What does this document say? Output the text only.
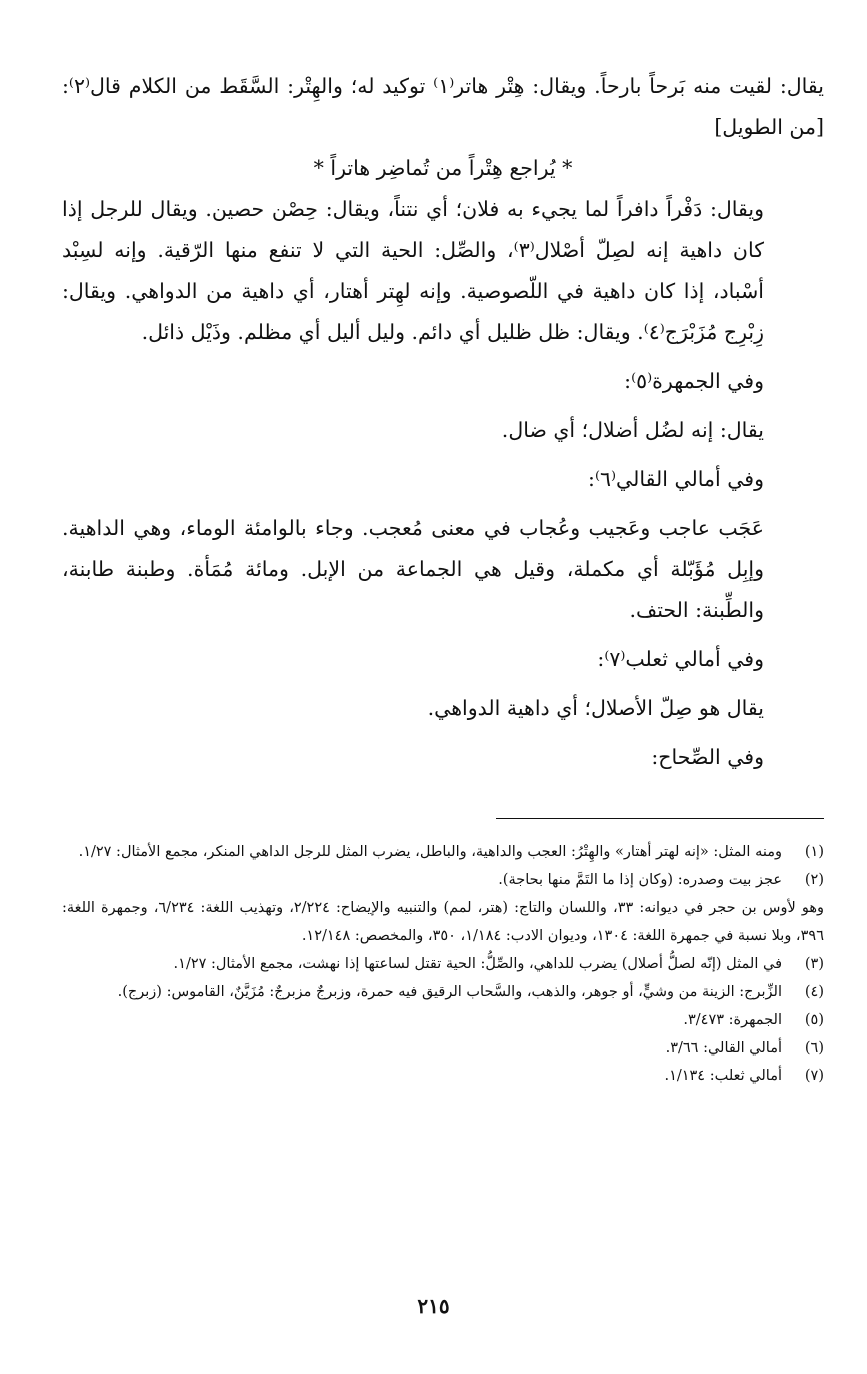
يقال: لقيت منه بَرحاً بارحاً. ويقال: هِتْر هاتر⁽١⁾ توكيد له؛ والهِتْر: السَّقَط من الكلام قال⁽٢⁾: [من الطويل]

* يُراجع هِتْراً من تُماضِر هاتراً *

ويقال: دَفْراً دافراً لما يجيء به فلان؛ أي نتناً، ويقال: حِصْن حصين. ويقال للرجل إذا كان داهية إنه لصِلّ أصْلال⁽٣⁾، والصِّل: الحية التي لا تنفع منها الرّقية. وإنه لسِبْد أسْباد، إذا كان داهية في اللّصوصية. وإنه لهِتر أهتار، أي داهية من الدواهي. ويقال: زِبْرِج مُزَبْرَج⁽٤⁾. ويقال: ظل ظليل أي دائم. وليل أليل أي مظلم. وذَيْل ذائل.

وفي الجمهرة⁽٥⁾:

يقال: إنه لضُل أضلال؛ أي ضال.

وفي أمالي القالي⁽٦⁾:

عَجَب عاجب وعَجيب وعُجاب في معنى مُعجب. وجاء بالوامئة الوماء، وهي الداهية. وإبِل مُؤَبّلة أي مكملة، وقيل هي الجماعة من الإبل. ومائة مُمَأة. وطبنة طابنة، والطِّبنة: الحتف.

وفي أمالي ثعلب⁽٧⁾:

يقال هو صِلّ الأصلال؛ أي داهية الدواهي.

وفي الصِّحاح:

(١)
ومنه المثل: «إنه لهتر أهتار» والهِتْرُ: العجب والداهية، والباطل، يضرب المثل للرجل الداهي المنكر، مجمع الأمثال: ١/٢٧.
(٢)
عجز بيت وصدره: (وكان إذا ما التَمَّ منها بحاجة).
وهو لأوس بن حجر في ديوانه: ٣٣، واللسان والتاج: (هتر، لمم) والتنبيه والإيضاح: ٢/٢٢٤، وتهذيب اللغة: ٦/٢٣٤، وجمهرة اللغة: ٣٩٦، وبلا نسبة في جمهرة اللغة: ١٣٠٤، وديوان الادب: ١/١٨٤، ٣٥٠، والمخصص: ١٢/١٤٨.
(٣)
في المثل (إنّه لصلُّ أصلال) يضرب للداهي، والصِّلُّ: الحية تقتل لساعتها إذا نهشت، مجمع الأمثال: ١/٢٧.
(٤)
الزِّبرج: الزينة من وشيٍّ، أو جوهر، والذهب، والسَّحاب الرقيق فيه حمرة، وزبرجٌ مزبرجٌ: مُزَيَّنٌ، القاموس: (زبرج).
(٥)
الجمهرة: ٣/٤٧٣.
(٦)
أمالي القالي: ٣/٦٦.
(٧)
أمالي ثعلب: ١/١٣٤.
٢١٥
